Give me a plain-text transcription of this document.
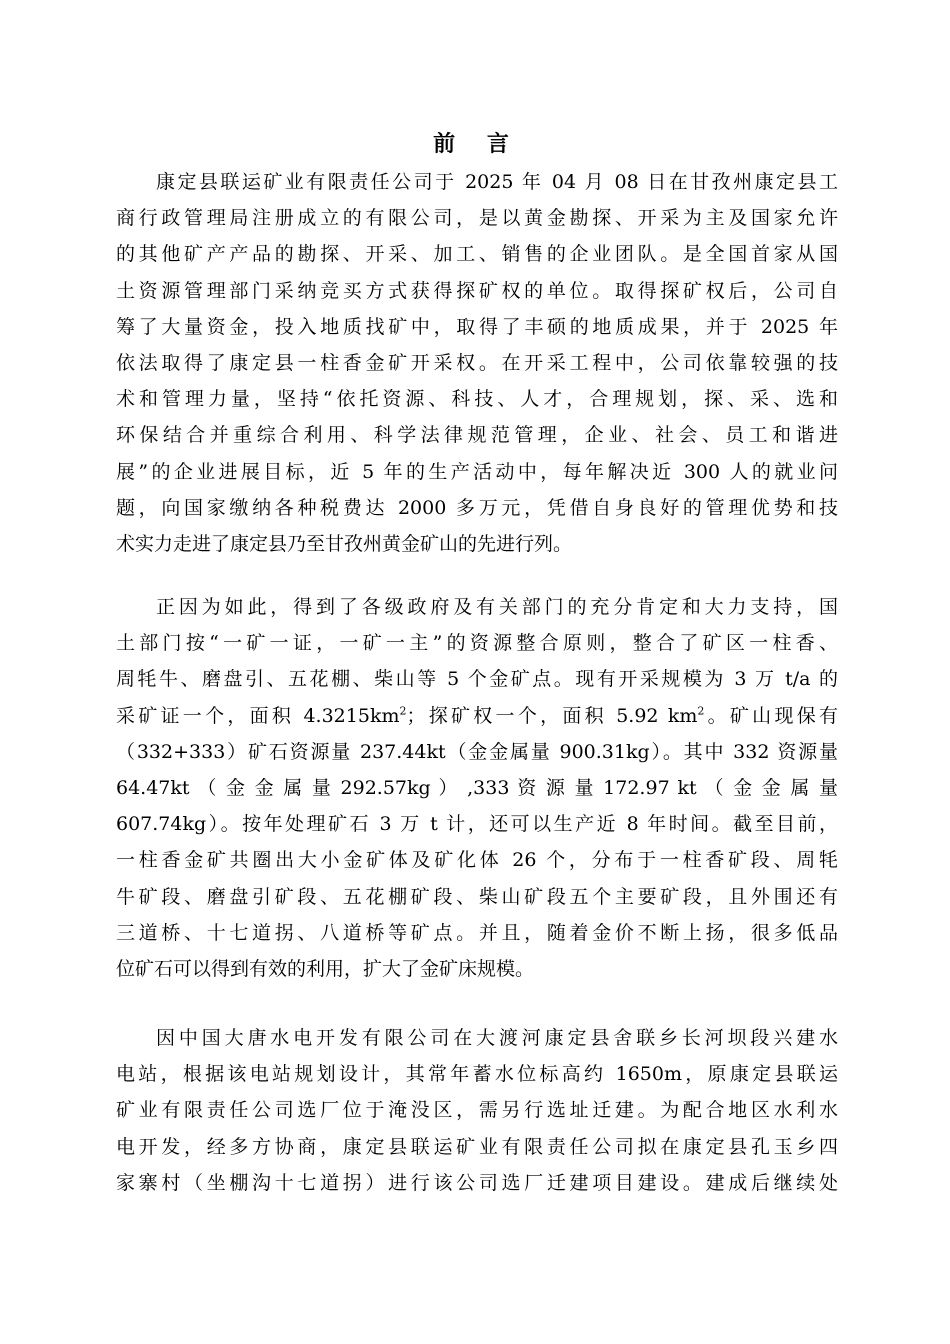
前 言
康定县联运矿业有限责任公司于 2025 年 04 月 08 日在甘孜州康定县工
商行政管理局注册成立的有限公司，是以黄金勘探、开采为主及国家允许
的其他矿产产品的勘探、开采、加工、销售的企业团队。是全国首家从国
土资源管理部门采纳竞买方式获得探矿权的单位。取得探矿权后，公司自
筹了大量资金，投入地质找矿中，取得了丰硕的地质成果，并于 2025 年
依法取得了康定县一柱香金矿开采权。在开采工程中，公司依靠较强的技
术和管理力量，坚持“依托资源、科技、人才，合理规划，探、采、选和
环保结合并重综合利用、科学法律规范管理，企业、社会、员工和谐进
展”的企业进展目标，近 5 年的生产活动中，每年解决近 300 人的就业问
题，向国家缴纳各种税费达 2000 多万元，凭借自身良好的管理优势和技
术实力走进了康定县乃至甘孜州黄金矿山的先进行列。
正因为如此，得到了各级政府及有关部门的充分肯定和大力支持，国
土部门按“一矿一证，一矿一主”的资源整合原则，整合了矿区一柱香、
周牦牛、磨盘引、五花棚、柴山等 5 个金矿点。现有开采规模为 3 万 t/a 的
采矿证一个，面积 $4.3215km^2$；探矿权一个，面积 5.92 $km^2$。矿山现保有
（332+333）矿石资源量 237.44kt（金金属量 900.31kg）。其中 332 资源量
64.47kt （ 金 金 属 量 292.57kg ） ,333 资 源 量 172.97 kt （ 金 金 属 量
607.74kg）。按年处理矿石 3 万 t 计，还可以生产近 8 年时间。截至目前，
一柱香金矿共圈出大小金矿体及矿化体 26 个，分布于一柱香矿段、周牦
牛矿段、磨盘引矿段、五花棚矿段、柴山矿段五个主要矿段，且外围还有
三道桥、十七道拐、八道桥等矿点。并且，随着金价不断上扬，很多低品
位矿石可以得到有效的利用，扩大了金矿床规模。
因中国大唐水电开发有限公司在大渡河康定县舍联乡长河坝段兴建水
电站，根据该电站规划设计，其常年蓄水位标高约 1650m，原康定县联运
矿业有限责任公司选厂位于淹没区，需另行选址迁建。为配合地区水利水
电开发，经多方协商，康定县联运矿业有限责任公司拟在康定县孔玉乡四
家寨村（坐棚沟十七道拐）进行该公司选厂迁建项目建设。建成后继续处
